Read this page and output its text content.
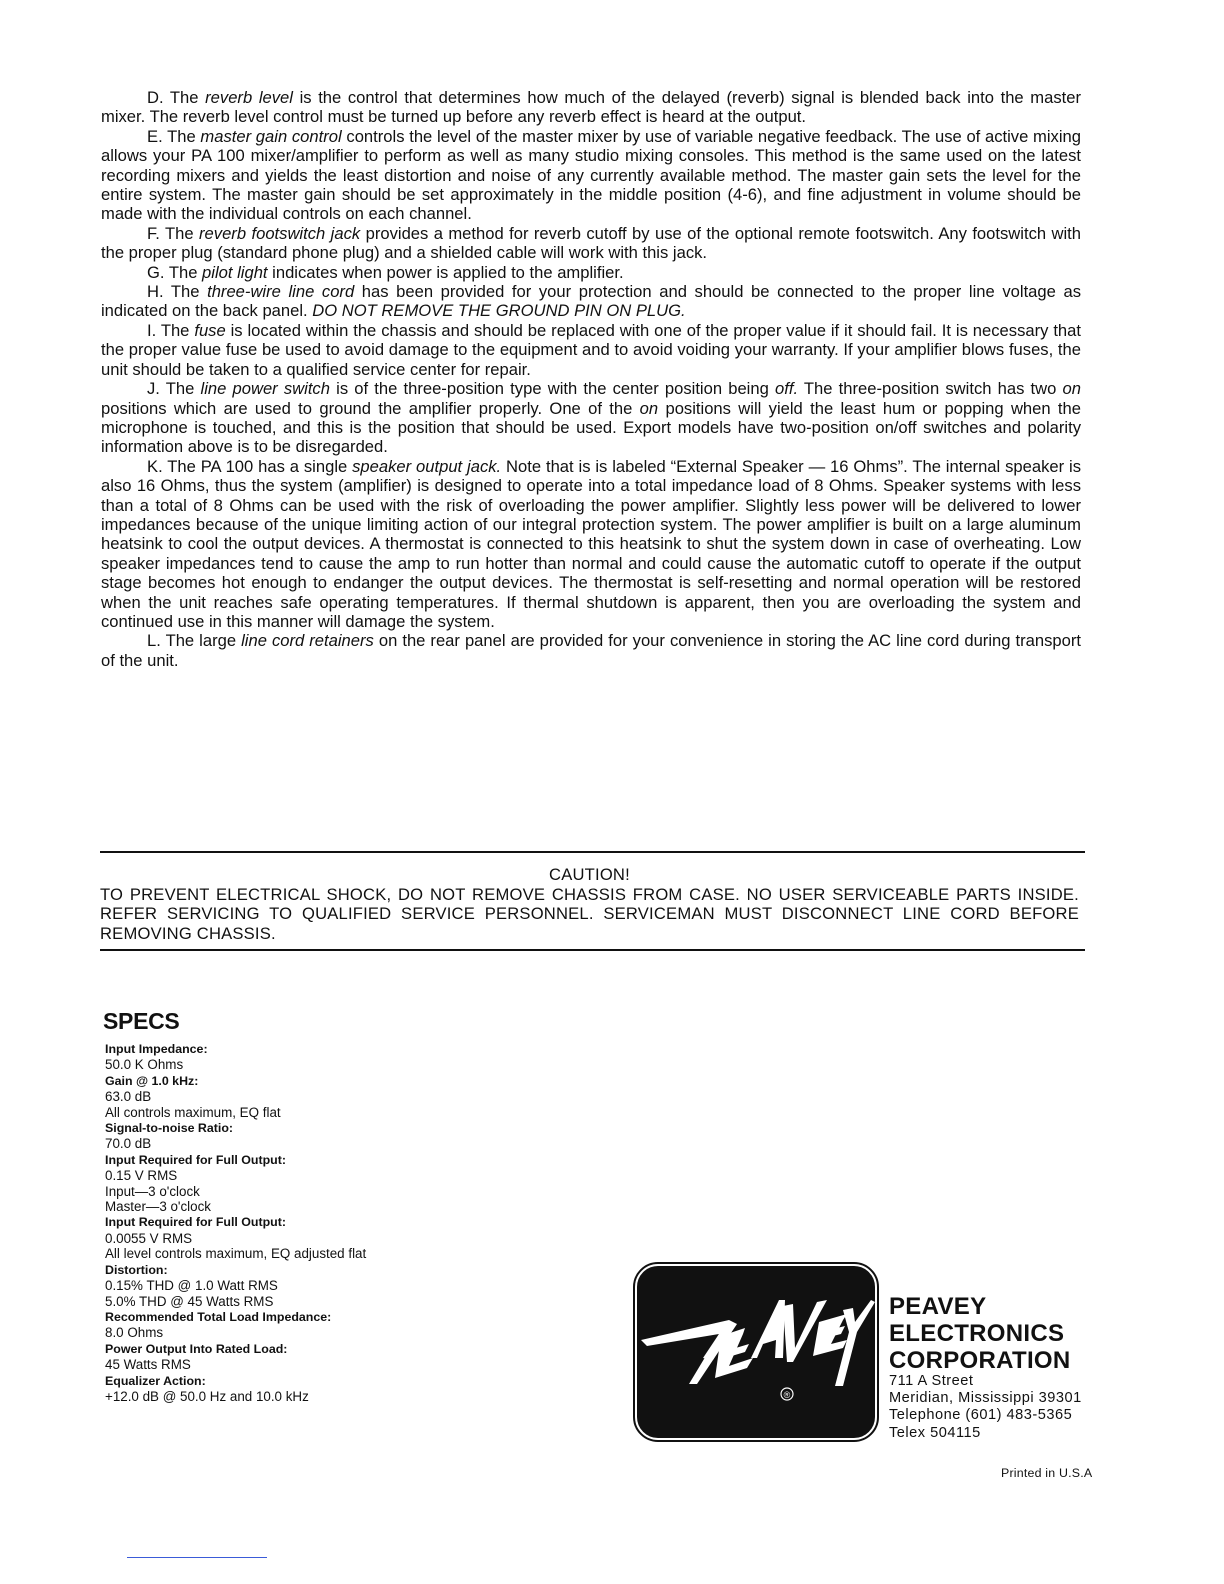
D. The reverb level is the control that determines how much of the delayed (reverb) signal is blended back into the master mixer. The reverb level control must be turned up before any reverb effect is heard at the output.

E. The master gain control controls the level of the master mixer by use of variable negative feedback. The use of active mixing allows your PA 100 mixer/amplifier to perform as well as many studio mixing consoles. This method is the same used on the latest recording mixers and yields the least distortion and noise of any currently available method. The master gain sets the level for the entire system. The master gain should be set approximately in the middle position (4-6), and fine adjustment in volume should be made with the individual controls on each channel.

F. The reverb footswitch jack provides a method for reverb cutoff by use of the optional remote footswitch. Any footswitch with the proper plug (standard phone plug) and a shielded cable will work with this jack.

G. The pilot light indicates when power is applied to the amplifier.

H. The three-wire line cord has been provided for your protection and should be connected to the proper line voltage as indicated on the back panel. DO NOT REMOVE THE GROUND PIN ON PLUG.

I. The fuse is located within the chassis and should be replaced with one of the proper value if it should fail. It is necessary that the proper value fuse be used to avoid damage to the equipment and to avoid voiding your warranty. If your amplifier blows fuses, the unit should be taken to a qualified service center for repair.

J. The line power switch is of the three-position type with the center position being off. The three-position switch has two on positions which are used to ground the amplifier properly. One of the on positions will yield the least hum or popping when the microphone is touched, and this is the position that should be used. Export models have two-position on/off switches and polarity information above is to be disregarded.

K. The PA 100 has a single speaker output jack. Note that is is labeled “External Speaker — 16 Ohms”. The internal speaker is also 16 Ohms, thus the system (amplifier) is designed to operate into a total impedance load of 8 Ohms. Speaker systems with less than a total of 8 Ohms can be used with the risk of overloading the power amplifier. Slightly less power will be delivered to lower impedances because of the unique limiting action of our integral protection system. The power amplifier is built on a large aluminum heatsink to cool the output devices. A thermostat is connected to this heatsink to shut the system down in case of overheating. Low speaker impedances tend to cause the amp to run hotter than normal and could cause the automatic cutoff to operate if the output stage becomes hot enough to endanger the output devices. The thermostat is self-resetting and normal operation will be restored when the unit reaches safe operating temperatures. If thermal shutdown is apparent, then you are overloading the system and continued use in this manner will damage the system.

L. The large line cord retainers on the rear panel are provided for your convenience in storing the AC line cord during transport of the unit.

CAUTION!
TO PREVENT ELECTRICAL SHOCK, DO NOT REMOVE CHASSIS FROM CASE. NO USER SERVICEABLE PARTS INSIDE. REFER SERVICING TO QUALIFIED SERVICE PERSONNEL. SERVICEMAN MUST DISCONNECT LINE CORD BEFORE REMOVING CHASSIS.
SPECS
Input Impedance:
50.0 K Ohms
Gain @ 1.0 kHz:
63.0 dB
All controls maximum, EQ flat
Signal-to-noise Ratio:
70.0 dB
Input Required for Full Output:
0.15 V RMS
Input—3 o'clock
Master—3 o'clock
Input Required for Full Output:
0.0055 V RMS
All level controls maximum, EQ adjusted flat
Distortion:
0.15% THD @ 1.0 Watt RMS
5.0% THD @ 45 Watts RMS
Recommended Total Load Impedance:
8.0 Ohms
Power Output Into Rated Load:
45 Watts RMS
Equalizer Action:
+12.0 dB @ 50.0 Hz and 10.0 kHz	®
PEAVEY
ELECTRONICS
CORPORATION
711 A Street
Meridian, Mississippi 39301
Telephone (601) 483-5365
Telex 504115
Printed in U.S.A
